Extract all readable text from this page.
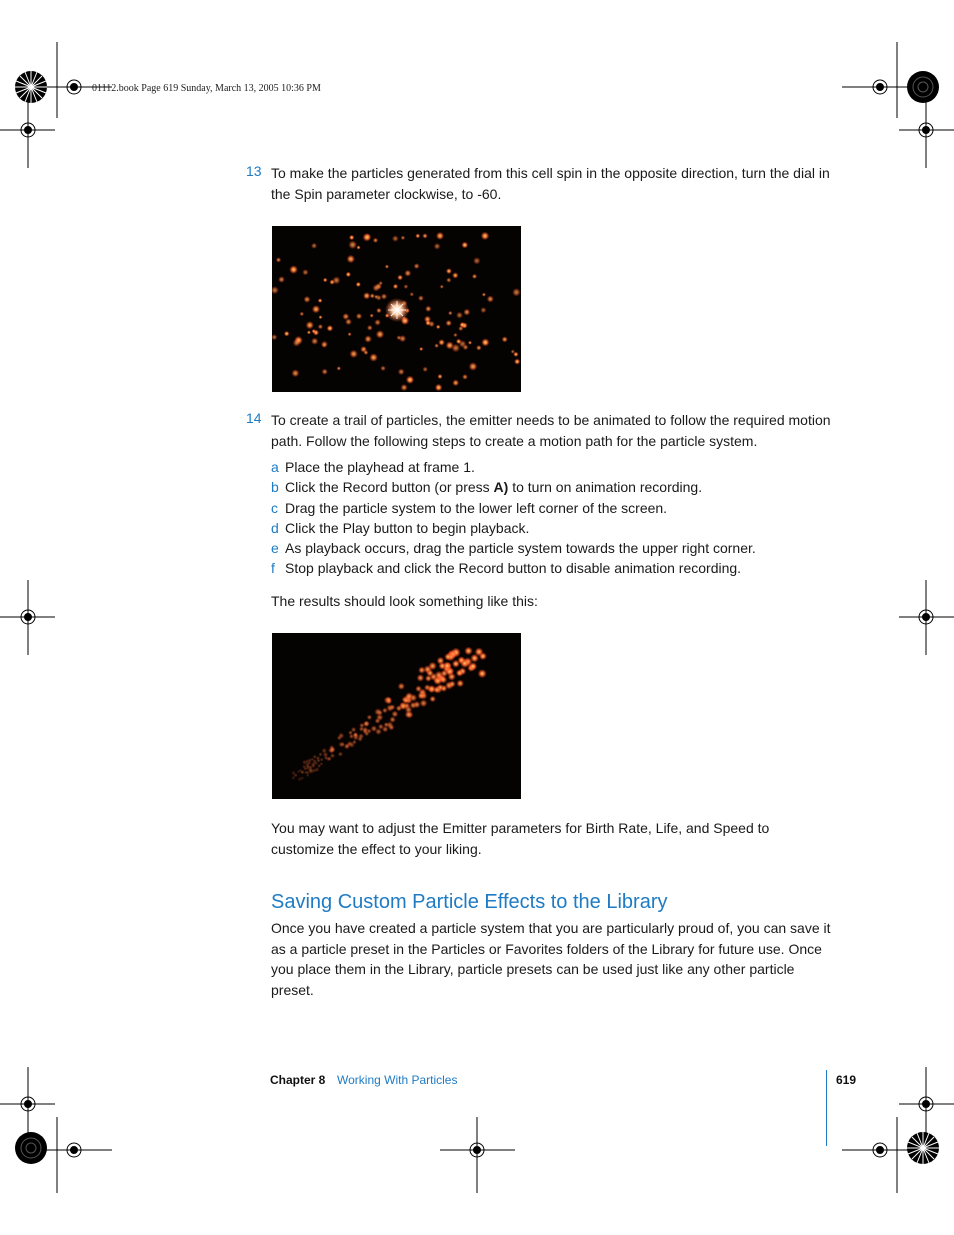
01112.book Page 619 Sunday, March 13, 2005 10:36 PM
13 To make the particles generated from this cell spin in the opposite direction, turn the dial in the Spin parameter clockwise, to -60.

14 To create a trail of particles, the emitter needs to be animated to follow the required motion path. Follow the following steps to create a motion path for the particle system.

a Place the playhead at frame 1.
b Click the Record button (or press A) to turn on animation recording.
c Drag the particle system to the lower left corner of the screen.
d Click the Play button to begin playback.
e As playback occurs, drag the particle system towards the upper right corner.
f Stop playback and click the Record button to disable animation recording.

The results should look something like this:

You may want to adjust the Emitter parameters for Birth Rate, Life, and Speed to customize the effect to your liking.

Saving Custom Particle Effects to the Library

Once you have created a particle system that you are particularly proud of, you can save it as a particle preset in the Particles or Favorites folders of the Library for future use. Once you place them in the Library, particle presets can be used just like any other particle preset.

Chapter 8 Working With Particles	619
